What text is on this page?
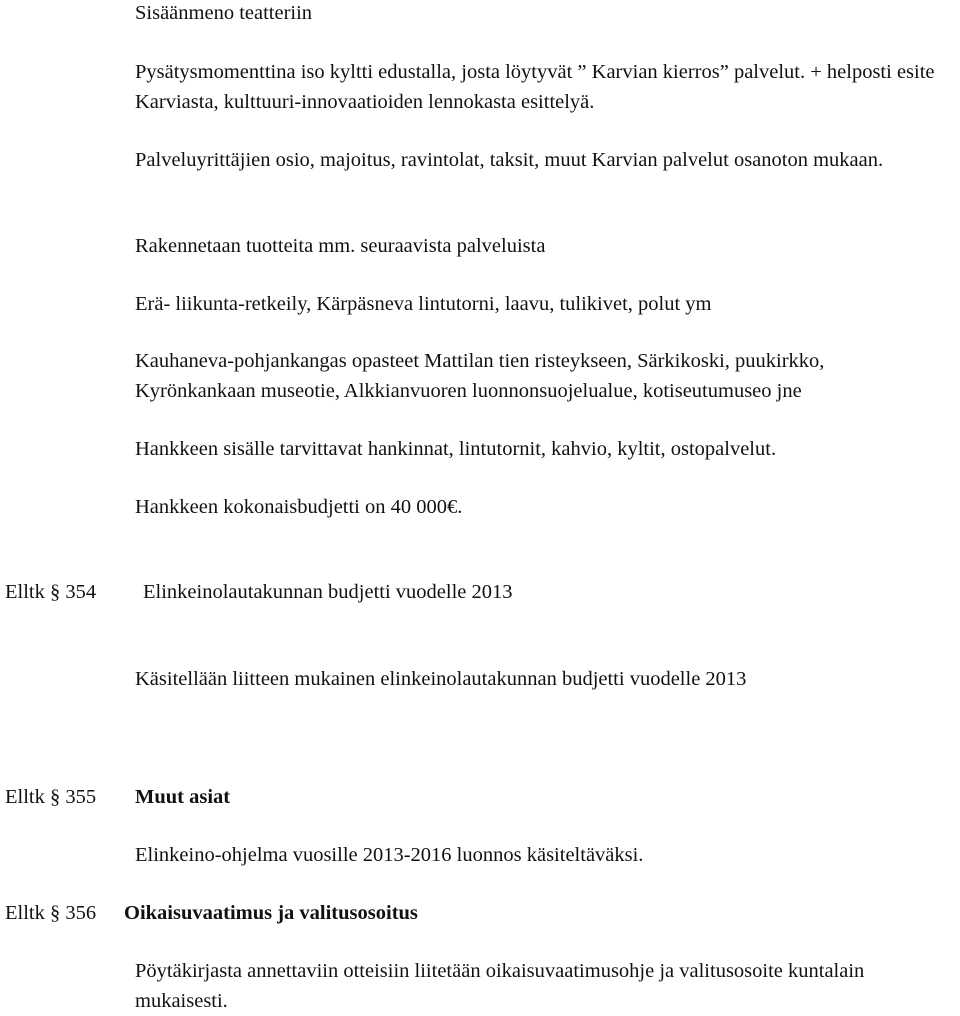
Sisäänmeno teatteriin
Pysätysmomenttina iso kyltti edustalla, josta löytyvät ” Karvian kierros” palvelut. + helposti esite Karviasta, kulttuuri-innovaatioiden lennokasta esittelyä.
Palveluyrittäjien osio, majoitus, ravintolat, taksit, muut Karvian palvelut osanoton mukaan.
Rakennetaan tuotteita mm. seuraavista palveluista
Erä- liikunta-retkeily, Kärpäsneva lintutorni, laavu, tulikivet, polut ym
Kauhaneva-pohjankangas opasteet Mattilan tien risteykseen, Särkikoski, puukirkko, Kyrönkankaan museotie, Alkkianvuoren luonnonsuojelualue, kotiseutumuseo jne
Hankkeen sisälle tarvittavat hankinnat, lintutornit, kahvio, kyltit, ostopalvelut.
Hankkeen kokonaisbudjetti on 40 000€.
Elltk § 354 Elinkeinolautakunnan budjetti vuodelle 2013
Käsitellään liitteen mukainen elinkeinolautakunnan budjetti vuodelle 2013
Elltk § 355 Muut asiat
Elinkeino-ohjelma vuosille 2013-2016 luonnos käsiteltäväksi.
Elltk § 356 Oikaisuvaatimus ja valitusosoitus
Pöytäkirjasta annettaviin otteisiin liitetään oikaisuvaatimusohje ja valitusosoite kuntalain mukaisesti.
